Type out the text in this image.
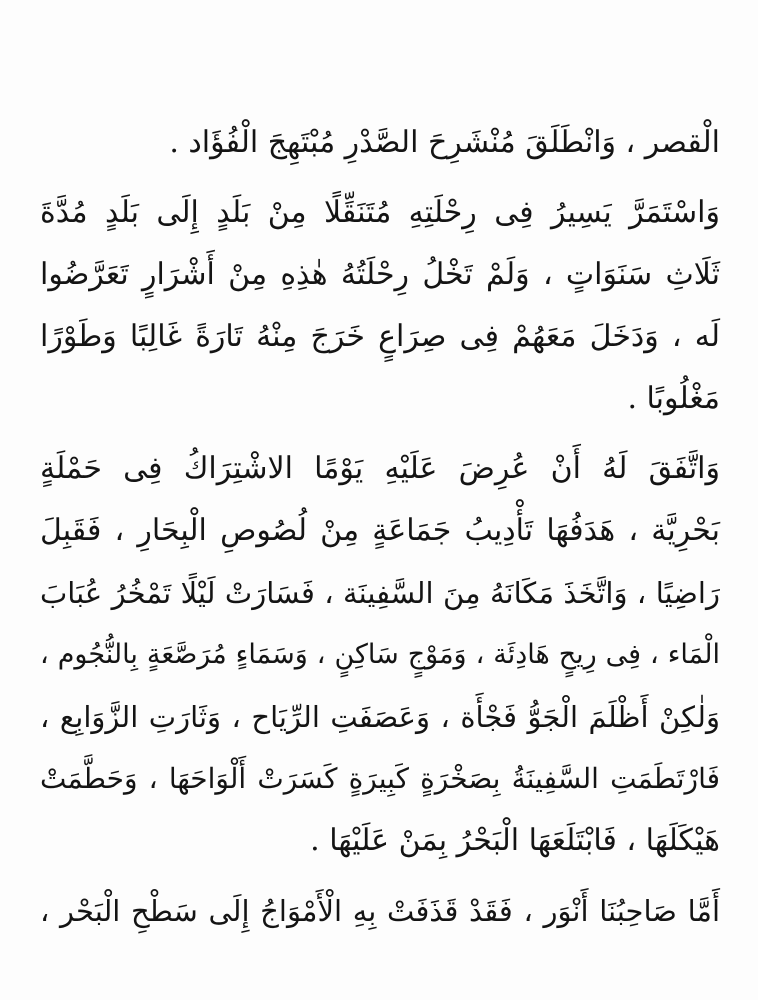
الْقصر ، وَانْطَلَقَ مُنْشَرِحَ الصَّدْرِ مُبْتَهِجَ الْفُؤَاد .
وَاسْتَمَرَّ يَسِيرُ فِى رِحْلَتِهِ مُتَنَقِّلًا مِنْ بَلَدٍ إِلَى بَلَدٍ مُدَّةَ
ثَلَاثِ سَنَوَاتٍ ، وَلَمْ تَخْلُ رِحْلَتُهُ هٰذِهِ مِنْ أَشْرَارٍ تَعَرَّضُوا
لَه ، وَدَخَلَ مَعَهُمْ فِى صِرَاعٍ خَرَجَ مِنْهُ تَارَةً غَالِبًا وَطَوْرًا
مَغْلُوبًا .
وَاتَّفَقَ لَهُ أَنْ عُرِضَ عَلَيْهِ يَوْمًا الاشْتِرَاكُ فِى حَمْلَةٍ
بَحْرِيَّة ، هَدَفُهَا تَأْدِيبُ جَمَاعَةٍ مِنْ لُصُوصِ الْبِحَارِ ، فَقَبِلَ
رَاضِيًا ، وَاتَّخَذَ مَكَانَهُ مِنَ السَّفِينَة ، فَسَارَتْ لَيْلًا تَمْخُرُ عُبَابَ
الْمَاء ، فِى رِيحٍ هَادِئَة ، وَمَوْجٍ سَاكِنٍ ، وَسَمَاءٍ مُرَصَّعَةٍ بِالنُّجُوم ،
وَلٰكِنْ أَظْلَمَ الْجَوُّ فَجْأَة ، وَعَصَفَتِ الرِّيَاح ، وَثَارَتِ الزَّوَابِع ،
فَارْتَطَمَتِ السَّفِينَةُ بِصَخْرَةٍ كَبِيرَةٍ كَسَرَتْ أَلْوَاحَهَا ، وَحَطَّمَتْ
هَيْكَلَهَا ، فَابْتَلَعَهَا الْبَحْرُ بِمَنْ عَلَيْهَا .
أَمَّا صَاحِبُنَا أَنْوَر ، فَقَدْ قَذَفَتْ بِهِ الْأَمْوَاجُ إِلَى سَطْحِ الْبَحْر ،
